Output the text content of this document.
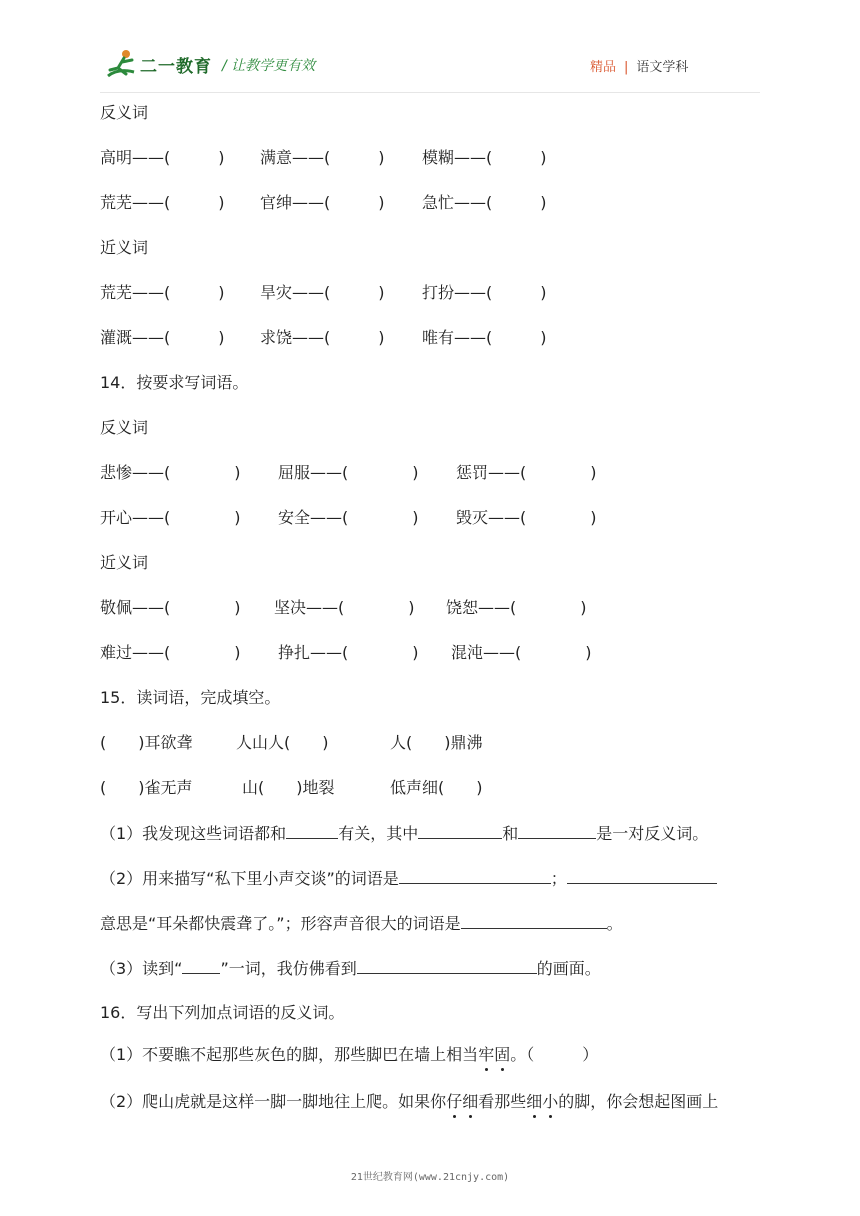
二一教育 / 让教学更有效	精品 | 语文学科
反义词
高明——(　　　) 满意——(　　　) 模糊——(　　　)
荒芜——(　　　) 官绅——(　　　) 急忙——(　　　)
近义词
荒芜——(　　　) 旱灾——(　　　) 打扮——(　　　)
灌溉——(　　　) 求饶——(　　　) 唯有——(　　　)
14．按要求写词语。
反义词
悲惨——(　　　　) 屈服——(　　　　) 惩罚——(　　　　)
开心——(　　　　) 安全——(　　　　) 毁灭——(　　　　)
近义词
敬佩——(　　　　) 坚决——(　　　　) 饶恕——(　　　　)
难过——(　　　　) 挣扎——(　　　　) 混沌——(　　　　)
15．读词语，完成填空。
(　　)耳欲聋	人山人(　　)	人(　　)鼎沸
(　　)雀无声	山(　　)地裂	低声细(　　)
（1）我发现这些词语都和	有关，其中	和	是一对反义词。
（2）用来描写“私下里小声交谈”的词语是	；
意思是“耳朵都快震聋了。”；形容声音很大的词语是	。
（3）读到“ ”一词，我仿佛看到	的画面。
16．写出下列加点词语的反义词。
（1）不要瞧不起那些灰色的脚，那些脚巴在墙上相当牢固。（　　　）
（2）爬山虎就是这样一脚一脚地往上爬。如果你仔细看那些细小的脚，你会想起图画上
21世纪教育网(www.21cnjy.com)
